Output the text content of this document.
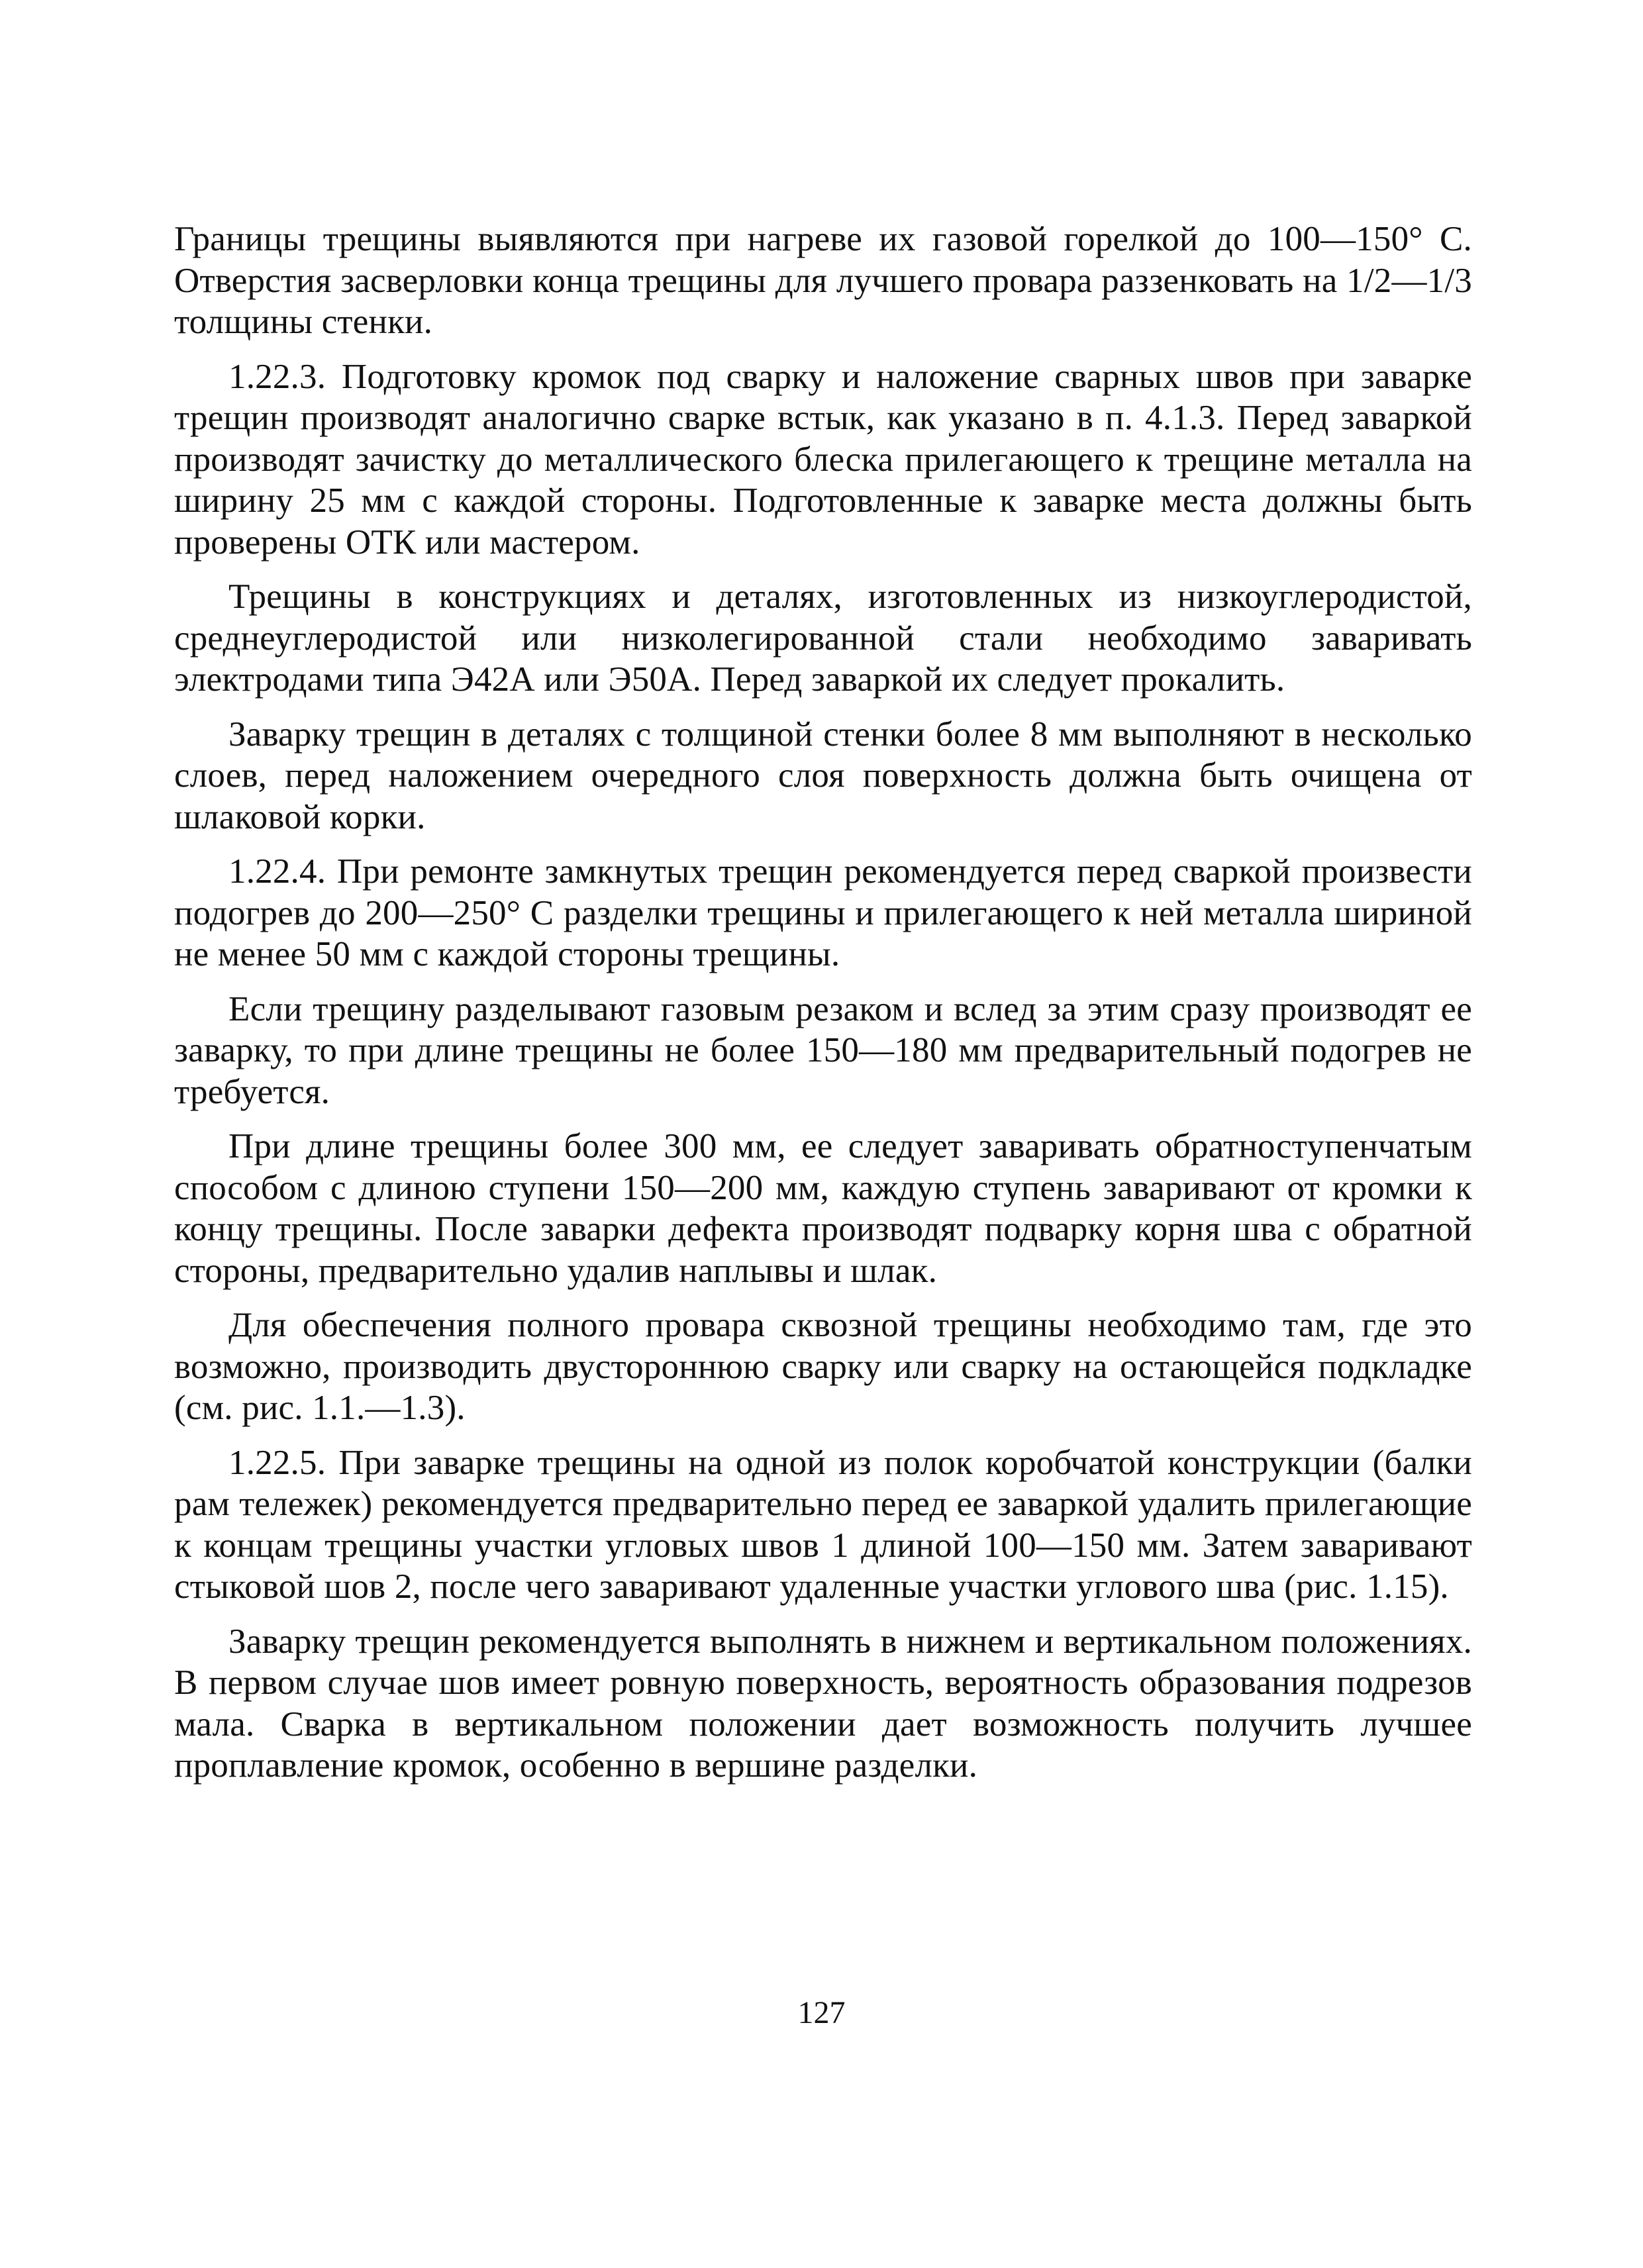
Границы трещины выявляются при нагреве их газовой горелкой до 100—150° С. Отверстия засверловки конца трещины для лучшего провара раззенковать на 1/2—1/3 толщины стенки.

1.22.3. Подготовку кромок под сварку и наложение сварных швов при заварке трещин производят аналогично сварке встык, как указано в п. 4.1.3. Перед заваркой производят зачистку до металлического блеска прилегающего к трещине металла на ширину 25 мм с каждой стороны. Подготовленные к заварке места должны быть проверены ОТК или мастером.

Трещины в конструкциях и деталях, изготовленных из низкоуглеродистой, среднеуглеродистой или низколегированной стали необходимо заваривать электродами типа Э42А или Э50А. Перед заваркой их следует прокалить.

Заварку трещин в деталях с толщиной стенки более 8 мм выполняют в несколько слоев, перед наложением очередного слоя поверхность должна быть очищена от шлаковой корки.

1.22.4. При ремонте замкнутых трещин рекомендуется перед сваркой произвести подогрев до 200—250° С разделки трещины и прилегающего к ней металла шириной не менее 50 мм с каждой стороны трещины.

Если трещину разделывают газовым резаком и вслед за этим сразу производят ее заварку, то при длине трещины не более 150—180 мм предварительный подогрев не требуется.

При длине трещины более 300 мм, ее следует заваривать обратноступенчатым способом с длиною ступени 150—200 мм, каждую ступень заваривают от кромки к концу трещины. После заварки дефекта производят подварку корня шва с обратной стороны, предварительно удалив наплывы и шлак.

Для обеспечения полного провара сквозной трещины необходимо там, где это возможно, производить двустороннюю сварку или сварку на остающейся подкладке (см. рис. 1.1.—1.3).

1.22.5. При заварке трещины на одной из полок коробчатой конструкции (балки рам тележек) рекомендуется предварительно перед ее заваркой удалить прилегающие к концам трещины участки угловых швов 1 длиной 100—150 мм. Затем заваривают стыковой шов 2, после чего заваривают удаленные участки углового шва (рис. 1.15).

Заварку трещин рекомендуется выполнять в нижнем и вертикальном положениях. В первом случае шов имеет ровную поверхность, вероятность образования подрезов мала. Сварка в вертикальном положении дает возможность получить лучшее проплавление кромок, особенно в вершине разделки.

127
